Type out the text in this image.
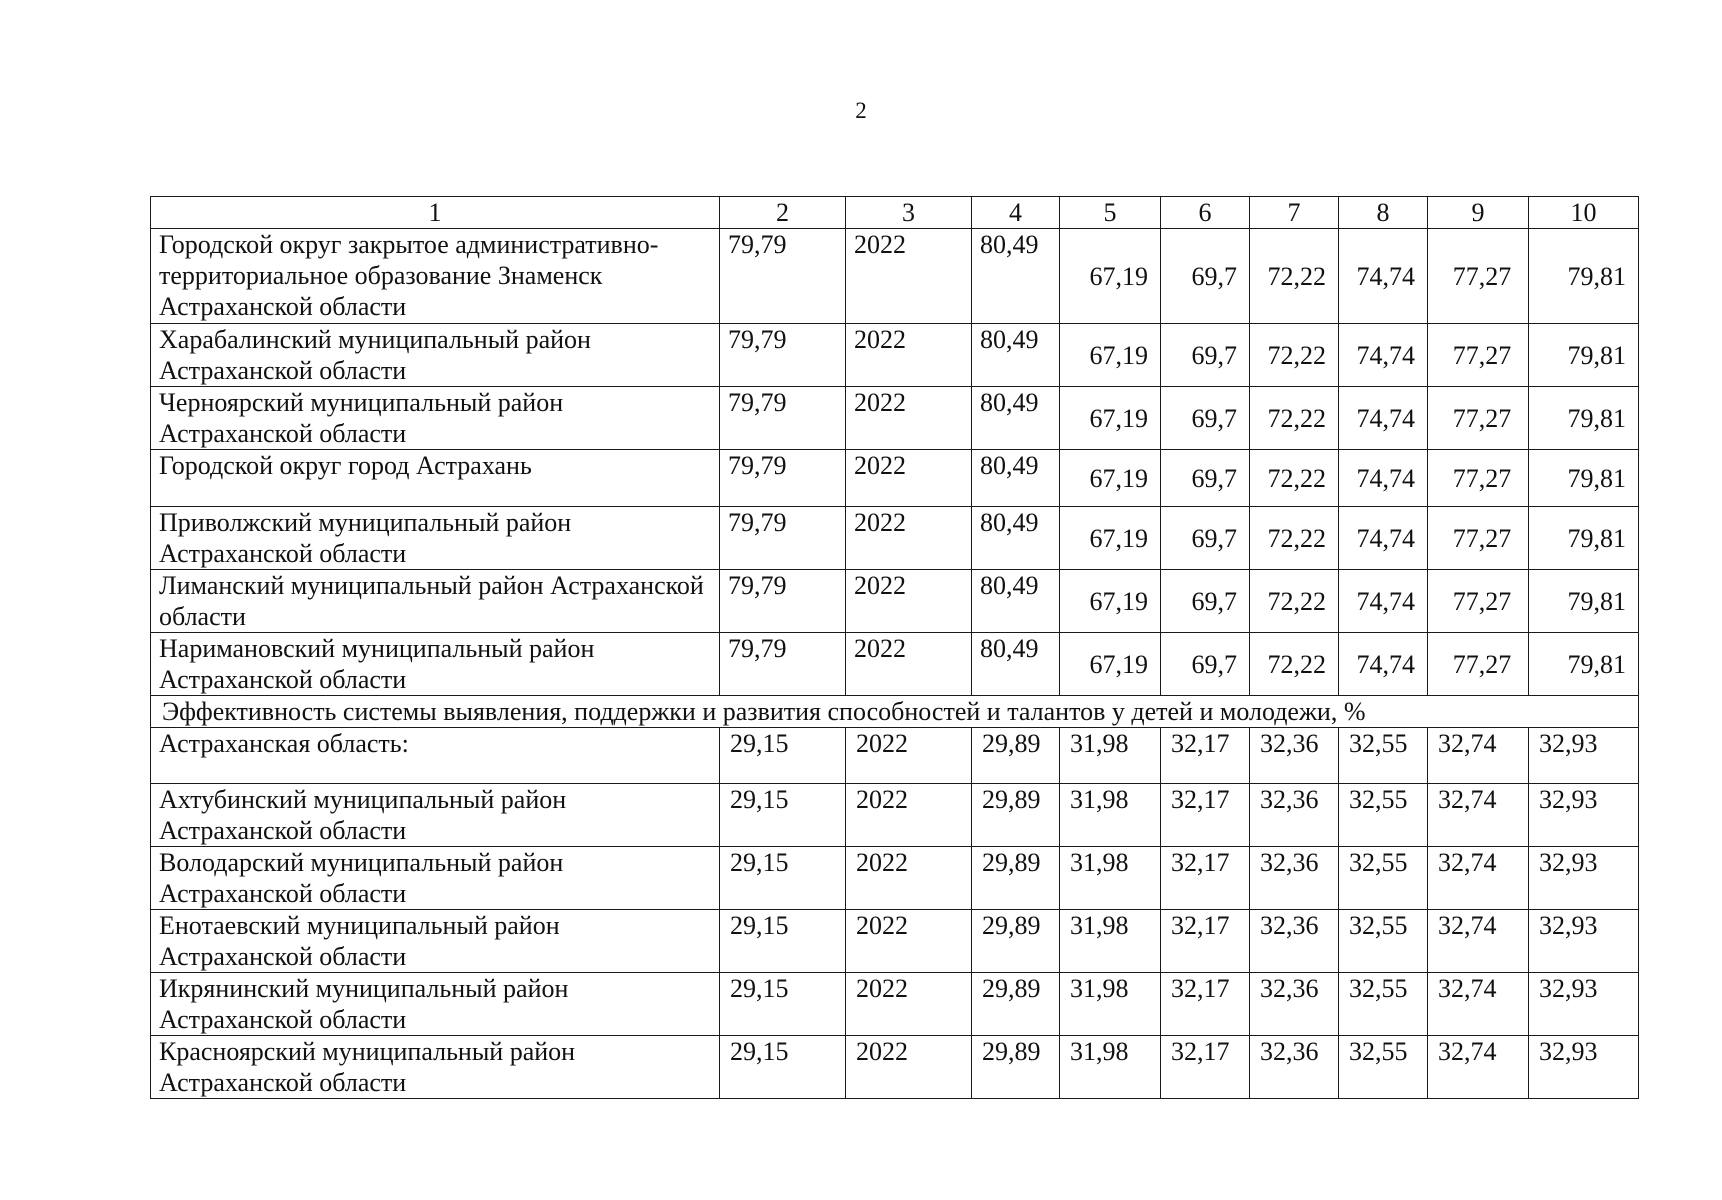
2
1	2	3	4	5	6	7	8	9	10
Городской округ закрытое административно-территориальное образование Знаменск Астраханской области	79,79	2022	80,49	67,19	69,7	72,22	74,74	77,27	79,81
Харабалинский муниципальный район Астраханской области	79,79	2022	80,49	67,19	69,7	72,22	74,74	77,27	79,81
Черноярский муниципальный район Астраханской области	79,79	2022	80,49	67,19	69,7	72,22	74,74	77,27	79,81
Городской округ город Астрахань	79,79	2022	80,49	67,19	69,7	72,22	74,74	77,27	79,81
Приволжский муниципальный район Астраханской области	79,79	2022	80,49	67,19	69,7	72,22	74,74	77,27	79,81
Лиманский муниципальный район Астраханской области	79,79	2022	80,49	67,19	69,7	72,22	74,74	77,27	79,81
Наримановский муниципальный район Астраханской области	79,79	2022	80,49	67,19	69,7	72,22	74,74	77,27	79,81
Эффективность системы выявления, поддержки и развития способностей и талантов у детей и молодежи, %									
Астраханская область:	29,15	2022	29,89	31,98	32,17	32,36	32,55	32,74	32,93
Ахтубинский муниципальный район Астраханской области	29,15	2022	29,89	31,98	32,17	32,36	32,55	32,74	32,93
Володарский муниципальный район Астраханской области	29,15	2022	29,89	31,98	32,17	32,36	32,55	32,74	32,93
Енотаевский муниципальный район Астраханской области	29,15	2022	29,89	31,98	32,17	32,36	32,55	32,74	32,93
Икрянинский муниципальный район Астраханской области	29,15	2022	29,89	31,98	32,17	32,36	32,55	32,74	32,93
Красноярский муниципальный район Астраханской области	29,15	2022	29,89	31,98	32,17	32,36	32,55	32,74	32,93
